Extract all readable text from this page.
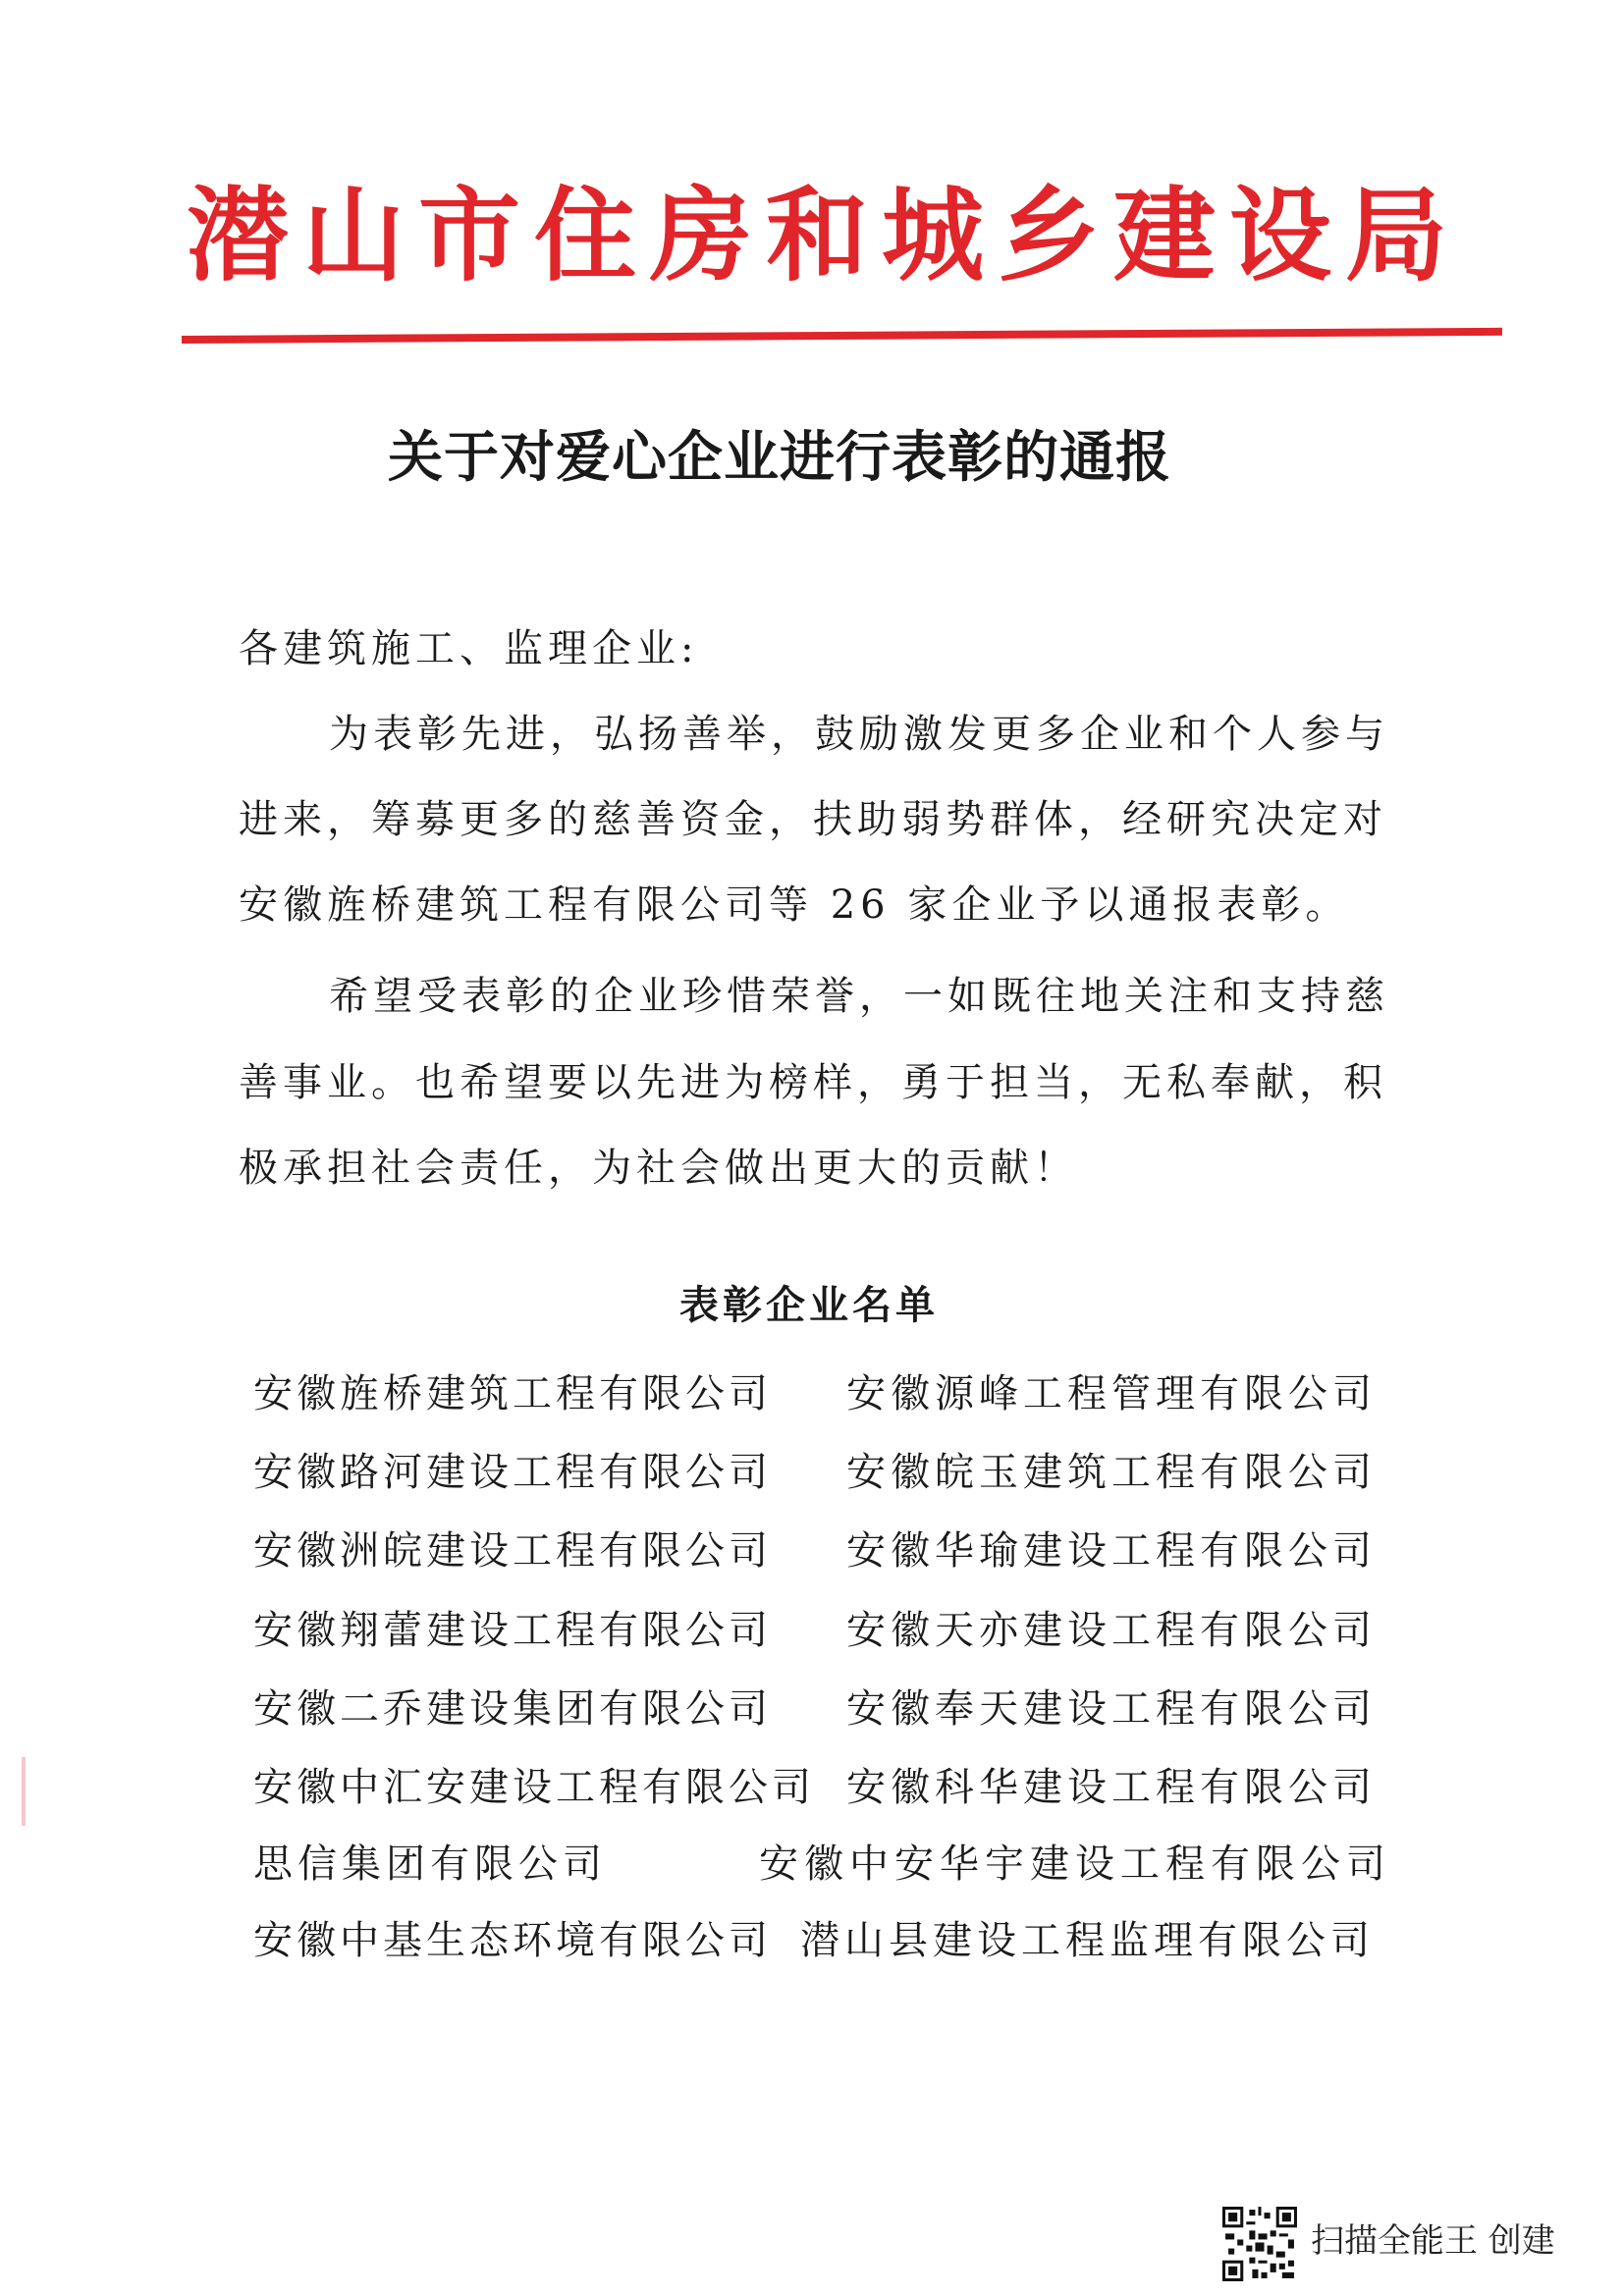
潜山市住房和城乡建设局
关于对爱心企业进行表彰的通报
各建筑施工、监理企业:
为表彰先进，弘扬善举，鼓励激发更多企业和个人参与
进来，筹募更多的慈善资金，扶助弱势群体，经研究决定对
安徽旌桥建筑工程有限公司等 26 家企业予以通报表彰。
希望受表彰的企业珍惜荣誉，一如既往地关注和支持慈
善事业。也希望要以先进为榜样，勇于担当，无私奉献，积
极承担社会责任，为社会做出更大的贡献！
表彰企业名单
安徽旌桥建筑工程有限公司 安徽源峰工程管理有限公司
安徽路河建设工程有限公司 安徽皖玉建筑工程有限公司
安徽洲皖建设工程有限公司 安徽华瑜建设工程有限公司
安徽翔蕾建设工程有限公司 安徽天亦建设工程有限公司
安徽二乔建设集团有限公司 安徽奉天建设工程有限公司
安徽中汇安建设工程有限公司 安徽科华建设工程有限公司
思信集团有限公司	安徽中安华宇建设工程有限公司
安徽中基生态环境有限公司 潜山县建设工程监理有限公司
扫描全能王 创建
